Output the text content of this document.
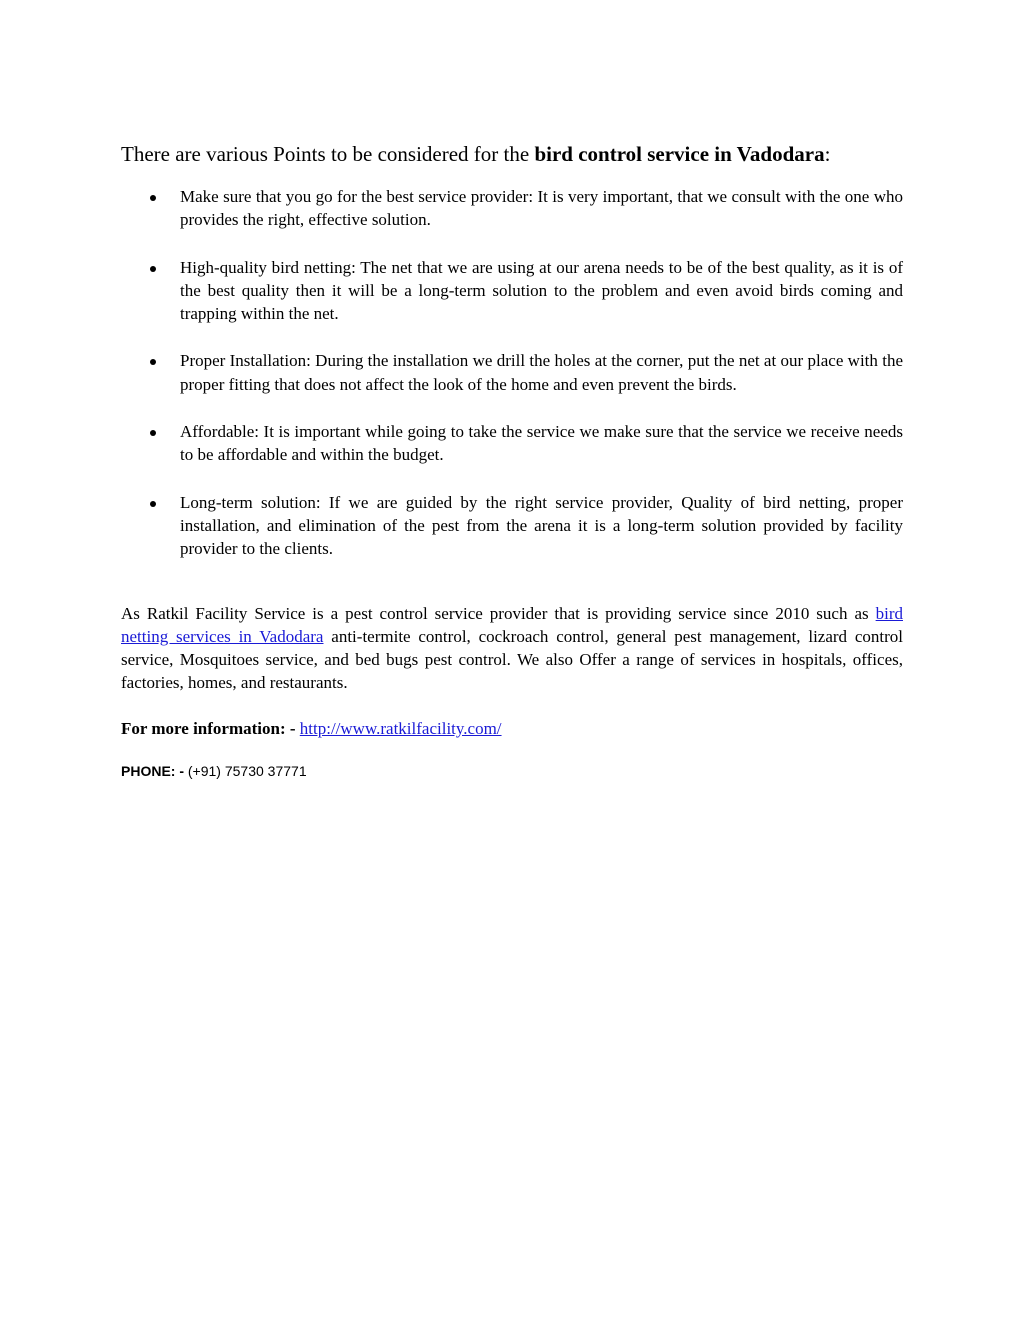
There are various Points to be considered for the bird control service in Vadodara:

Make sure that you go for the best service provider: It is very important, that we consult with the one who provides the right, effective solution.
High-quality bird netting: The net that we are using at our arena needs to be of the best quality, as it is of the best quality then it will be a long-term solution to the problem and even avoid birds coming and trapping within the net.
Proper Installation: During the installation we drill the holes at the corner, put the net at our place with the proper fitting that does not affect the look of the home and even prevent the birds.
Affordable: It is important while going to take the service we make sure that the service we receive needs to be affordable and within the budget.
Long-term solution: If we are guided by the right service provider, Quality of bird netting, proper installation, and elimination of the pest from the arena it is a long-term solution provided by facility provider to the clients.

As Ratkil Facility Service is a pest control service provider that is providing service since 2010 such as bird netting services in Vadodara anti-termite control, cockroach control, general pest management, lizard control service, Mosquitoes service, and bed bugs pest control. We also Offer a range of services in hospitals, offices, factories, homes, and restaurants.

For more information: - http://www.ratkilfacility.com/

PHONE: - (+91) 75730 37771
